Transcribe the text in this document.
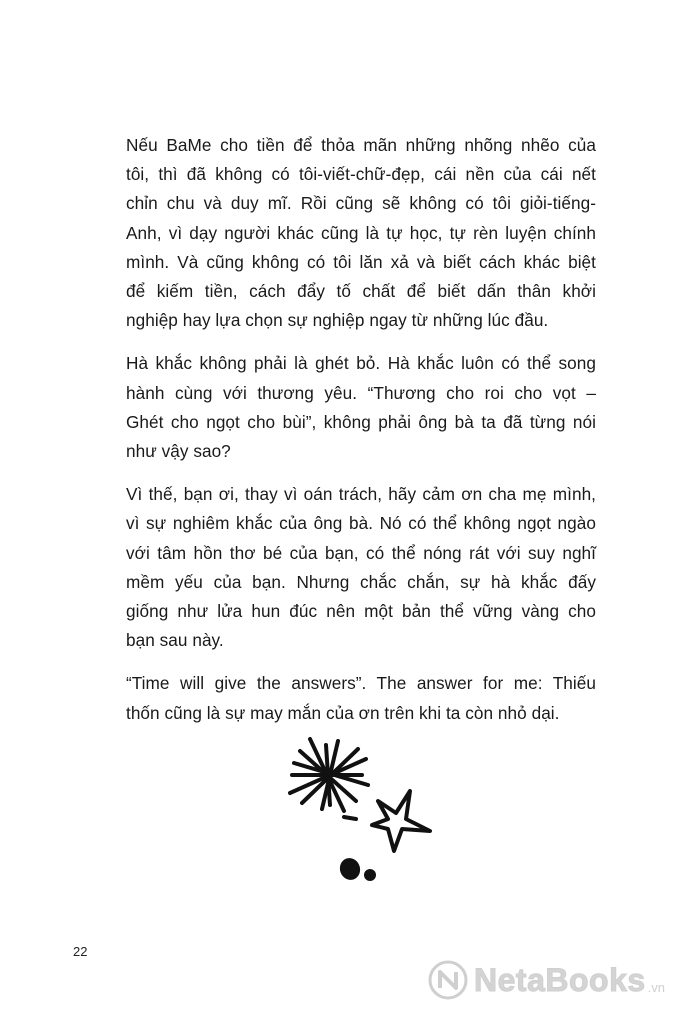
Nếu BaMe cho tiền để thỏa mãn những nhõng nhẽo của
tôi, thì đã không có tôi-viết-chữ-đẹp, cái nền của cái nết
chỉn chu và duy mĩ. Rồi cũng sẽ không có tôi giỏi-tiếng-
Anh, vì dạy người khác cũng là tự học, tự rèn luyện chính
mình. Và cũng không có tôi lăn xả và biết cách khác biệt
để kiếm tiền, cách đẩy tố chất để biết dấn thân khởi
nghiệp hay lựa chọn sự nghiệp ngay từ những lúc đầu.

Hà khắc không phải là ghét bỏ. Hà khắc luôn có thể song
hành cùng với thương yêu. “Thương cho roi cho vọt –
Ghét cho ngọt cho bùi”, không phải ông bà ta đã từng nói
như vậy sao?

Vì thế, bạn ơi, thay vì oán trách, hãy cảm ơn cha mẹ mình,
vì sự nghiêm khắc của ông bà. Nó có thể không ngọt ngào
với tâm hồn thơ bé của bạn, có thể nóng rát với suy nghĩ
mềm yếu của bạn. Nhưng chắc chắn, sự hà khắc đấy
giống như lửa hun đúc nên một bản thể vững vàng cho
bạn sau này.

“Time will give the answers”. The answer for me: Thiếu
thốn cũng là sự may mắn của ơn trên khi ta còn nhỏ dại.

22
NetaBooks .vn
